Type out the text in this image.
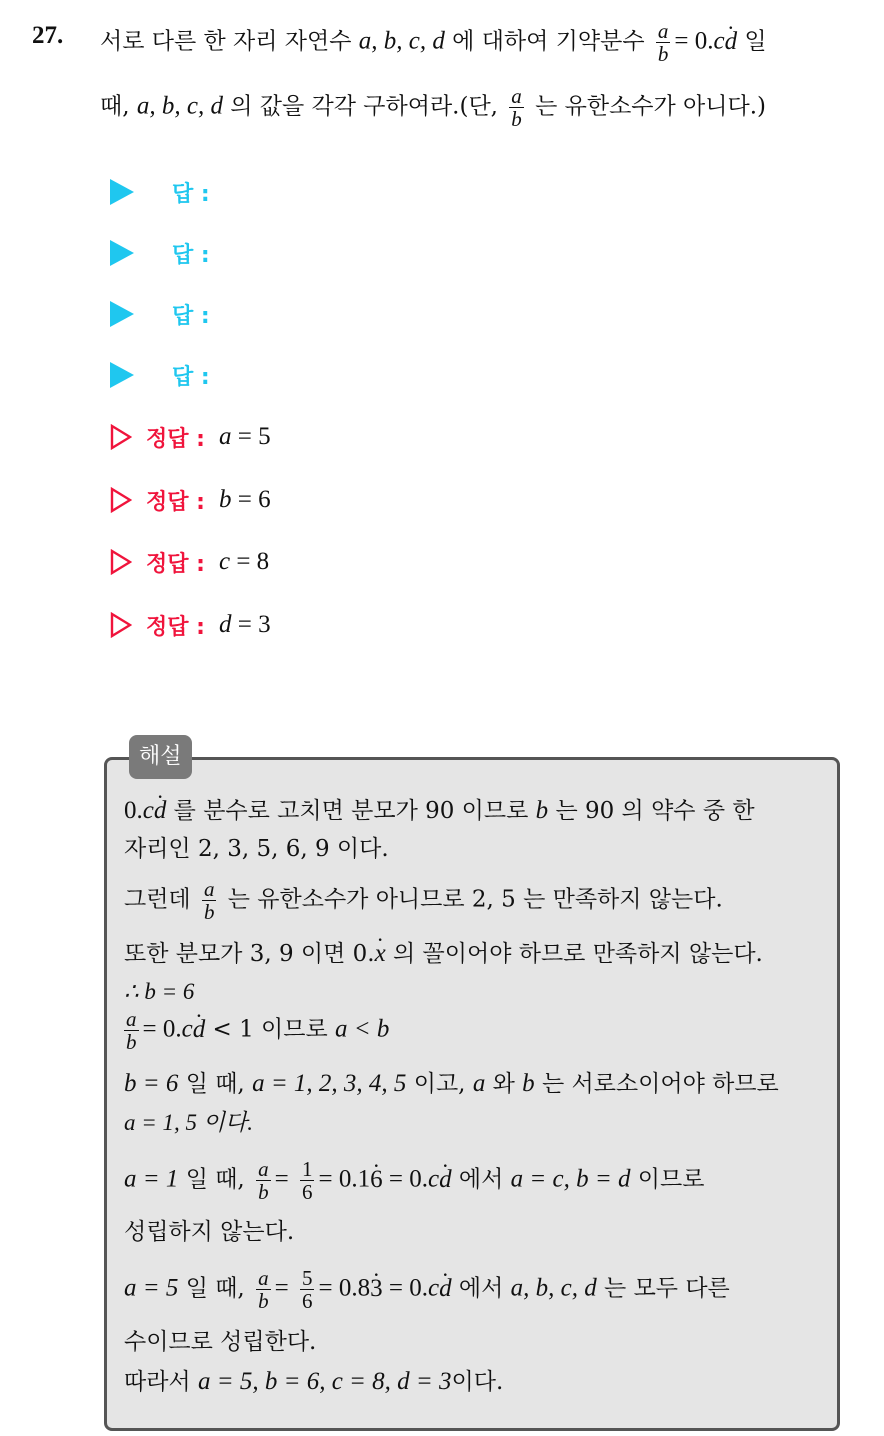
27. 서로 다른 한 자리 자연수 a, b, c, d 에 대하여 기약분수 $\frac{a}{b} = 0.c\cdot d$ 일
때, a, b, c, d 의 값을 각각 구하여라.(단, $\frac{a}{b}$ 는 유한소수가 아니다.)
답 :
답 :
답 :
답 :
정답 : a = 5
정답 : b = 6
정답 : c = 8
정답 : d = 3
해설
0.c· d 를 분수로 고치면 분모가 90 이므로 b 는 90 의 약수 중 한
자리인 2, 3, 5, 6, 9 이다.
그런데 $\frac{a}{b}$ 는 유한소수가 아니므로 2, 5 는 만족하지 않는다.
또한 분모가 3, 9 이면 0.· x 의 꼴이어야 하므로 만족하지 않는다.
∴ b = 6
$\frac{a}{b} = 0.c\cdot d < 1$ 이므로 a < b
b = 6 일 때, a = 1, 2, 3, 4, 5 이고, a 와 b 는 서로소이어야 하므로
a = 1, 5 이다.
a = 1 일 때, $\frac{a}{b} = \frac{1}{6} = 0.1\cdot 6 = 0.c\cdot d$ 에서 a = c, b = d 이므로
성립하지 않는다.
a = 5 일 때, $\frac{a}{b} = \frac{5}{6} = 0.8\cdot 3 = 0.c\cdot d$ 에서 a, b, c, d 는 모두 다른
수이므로 성립한다.
따라서 a = 5, b = 6, c = 8, d = 3이다.
